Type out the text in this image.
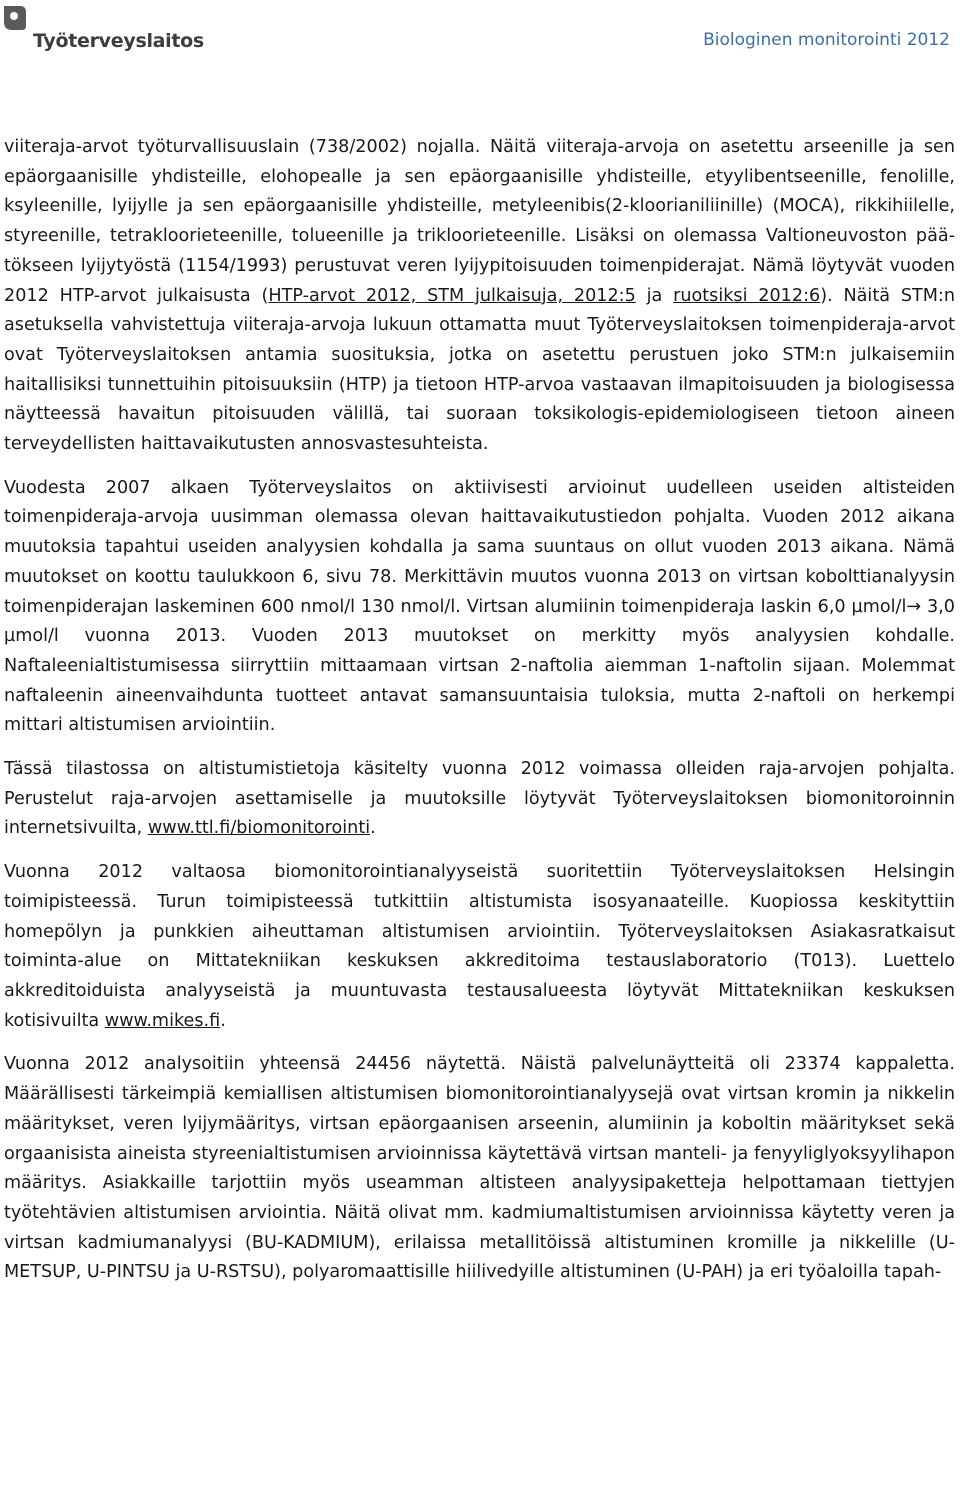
Työterveyslaitos	Biologinen monitorointi 2012

viiteraja-arvot työturvallisuuslain (738/2002) nojalla. Näitä viiteraja-arvoja on asetettu arseenille ja sen epäorgaanisille yhdisteille, elohopealle ja sen epäorgaanisille yhdisteille, etyylibentseenille, fenolille, ksyleenille, lyijylle ja sen epäorgaanisille yhdisteille, metyleenibis(2-kloorianiliinille) (MOCA), rikkihiilelle, styreenille, tetrakloorieteenille, tolueenille ja trikloorieteenille. Lisäksi on olemassa Valtioneuvoston päätökseen lyijytyöstä (1154/1993) perustuvat veren lyijypitoisuuden toimenpiderajat. Nämä löytyvät vuoden 2012 HTP-arvot julkaisusta (HTP-arvot 2012, STM julkaisuja, 2012:5 ja ruotsiksi 2012:6). Näitä STM:n asetuksella vahvistettuja viiteraja-arvoja lukuun ottamatta muut Työterveyslaitoksen toimenpideraja-arvot ovat Työterveyslaitoksen antamia suosituksia, jotka on asetettu perustuen joko STM:n julkaisemiin haitallisiksi tunnettuihin pitoisuuksiin (HTP) ja tietoon HTP-arvoa vastaavan ilmapitoisuuden ja biologisessa näytteessä havaitun pitoisuuden välillä, tai suoraan toksikologis-epidemiologiseen tietoon aineen terveydellisten haittavaikutusten annosvastesuhteista.

Vuodesta 2007 alkaen Työterveyslaitos on aktiivisesti arvioinut uudelleen useiden altisteiden toimenpideraja-arvoja uusimman olemassa olevan haittavaikutustiedon pohjalta. Vuoden 2012 aikana muutoksia tapahtui useiden analyysien kohdalla ja sama suuntaus on ollut vuoden 2013 aikana. Nämä muutokset on koottu taulukkoon 6, sivu 78. Merkittävin muutos vuonna 2013 on virtsan kobolttianalyysin toimenpiderajan laskeminen 600 nmol/l 130 nmol/l. Virtsan alumiinin toimenpideraja laskin 6,0 µmol/l→ 3,0 µmol/l vuonna 2013. Vuoden 2013 muutokset on merkitty myös analyysien kohdalle. Naftaleenialtistumisessa siirryttiin mittaamaan virtsan 2-naftolia aiemman 1-naftolin sijaan. Molemmat naftaleenin aineenvaihdunta tuotteet antavat samansuuntaisia tuloksia, mutta 2-naftoli on herkempi mittari altistumisen arviointiin.

Tässä tilastossa on altistumistietoja käsitelty vuonna 2012 voimassa olleiden raja-arvojen pohjalta. Perustelut raja-arvojen asettamiselle ja muutoksille löytyvät Työterveyslaitoksen biomonitoroinnin internetsivuilta, www.ttl.fi/biomonitorointi.

Vuonna 2012 valtaosa biomonitorointianalyyseistä suoritettiin Työterveyslaitoksen Helsingin toimipisteessä. Turun toimipisteessä tutkittiin altistumista isosyanaateille. Kuopiossa keskityttiin homepölyn ja punkkien aiheuttaman altistumisen arviointiin. Työterveyslaitoksen Asiakasratkaisut toiminta-alue on Mittatekniikan keskuksen akkreditoima testauslaboratorio (T013). Luettelo akkreditoiduista analyyseistä ja muuntuvasta testausalueesta löytyvät Mittatekniikan keskuksen kotisivuilta www.mikes.fi.

Vuonna 2012 analysoitiin yhteensä 24456 näytettä. Näistä palvelunäytteitä oli 23374 kappaletta. Määrällisesti tärkeimpiä kemiallisen altistumisen biomonitorointianalyysejä ovat virtsan kromin ja nikkelin määritykset, veren lyijymääritys, virtsan epäorgaanisen arseenin, alumiinin ja koboltin määritykset sekä orgaanisista aineista styreenialtistumisen arvioinnissa käytettävä virtsan manteli- ja fenyyliglyoksyylihapon määritys. Asiakkaille tarjottiin myös useamman altisteen analyysipaketteja helpottamaan tiettyjen työtehtävien altistumisen arviointia. Näitä olivat mm. kadmiumaltistumisen arvioinnissa käytetty veren ja virtsan kadmiumanalyysi (BU-KADMIUM), erilaissa metallitöissä altistuminen kromille ja nikkelille (U-METSUP, U-PINTSU ja U-RSTSU), polyaromaattisille hiilivedyille altistuminen (U-PAH) ja eri työaloilla tapah-
